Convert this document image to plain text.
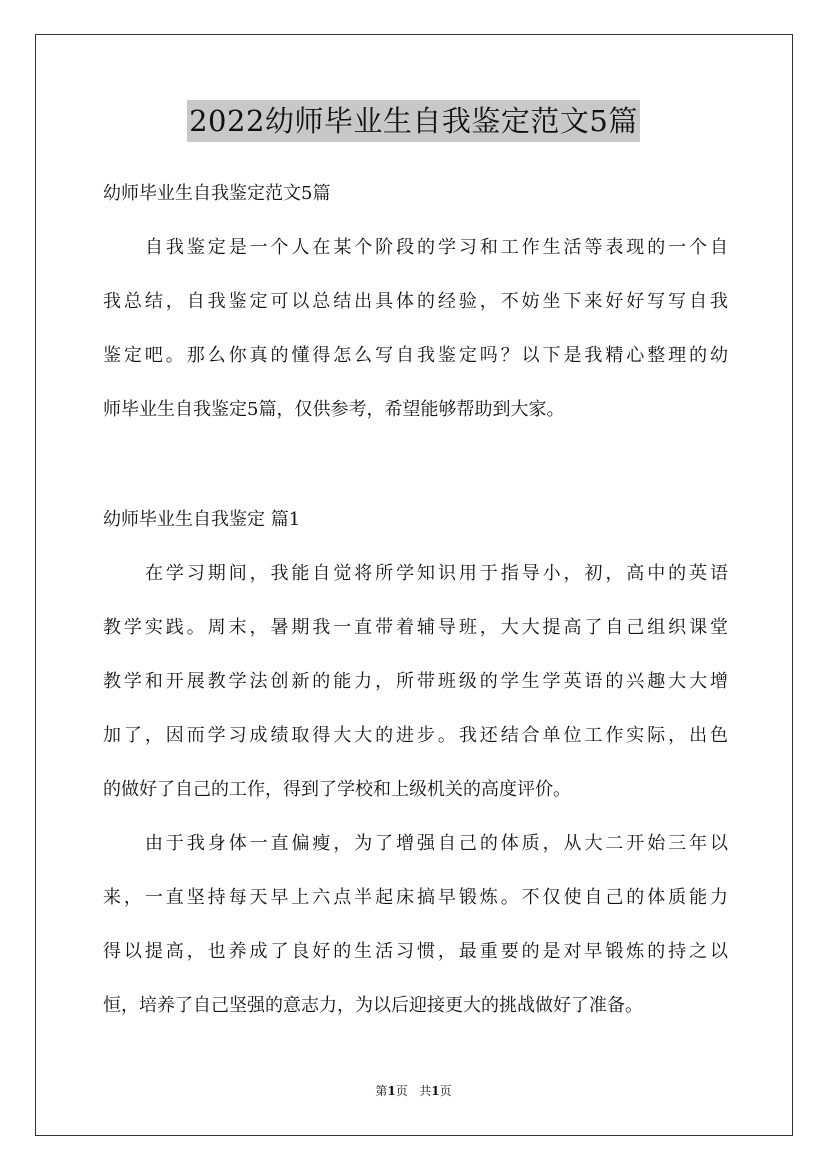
2022幼师毕业生自我鉴定范文5篇
幼师毕业生自我鉴定范文5篇
自我鉴定是一个人在某个阶段的学习和工作生活等表现的一个自
我总结，自我鉴定可以总结出具体的经验，不妨坐下来好好写写自我
鉴定吧。那么你真的懂得怎么写自我鉴定吗？以下是我精心整理的幼
师毕业生自我鉴定5篇，仅供参考，希望能够帮助到大家。
幼师毕业生自我鉴定 篇1
在学习期间，我能自觉将所学知识用于指导小，初，高中的英语
教学实践。周末，暑期我一直带着辅导班，大大提高了自己组织课堂
教学和开展教学法创新的能力，所带班级的学生学英语的兴趣大大增
加了，因而学习成绩取得大大的进步。我还结合单位工作实际，出色
的做好了自己的工作，得到了学校和上级机关的高度评价。
由于我身体一直偏瘦，为了增强自己的体质，从大二开始三年以
来，一直坚持每天早上六点半起床搞早锻炼。不仅使自己的体质能力
得以提高，也养成了良好的生活习惯，最重要的是对早锻炼的持之以
恒，培养了自己坚强的意志力，为以后迎接更大的挑战做好了准备。
第1页 共1页
